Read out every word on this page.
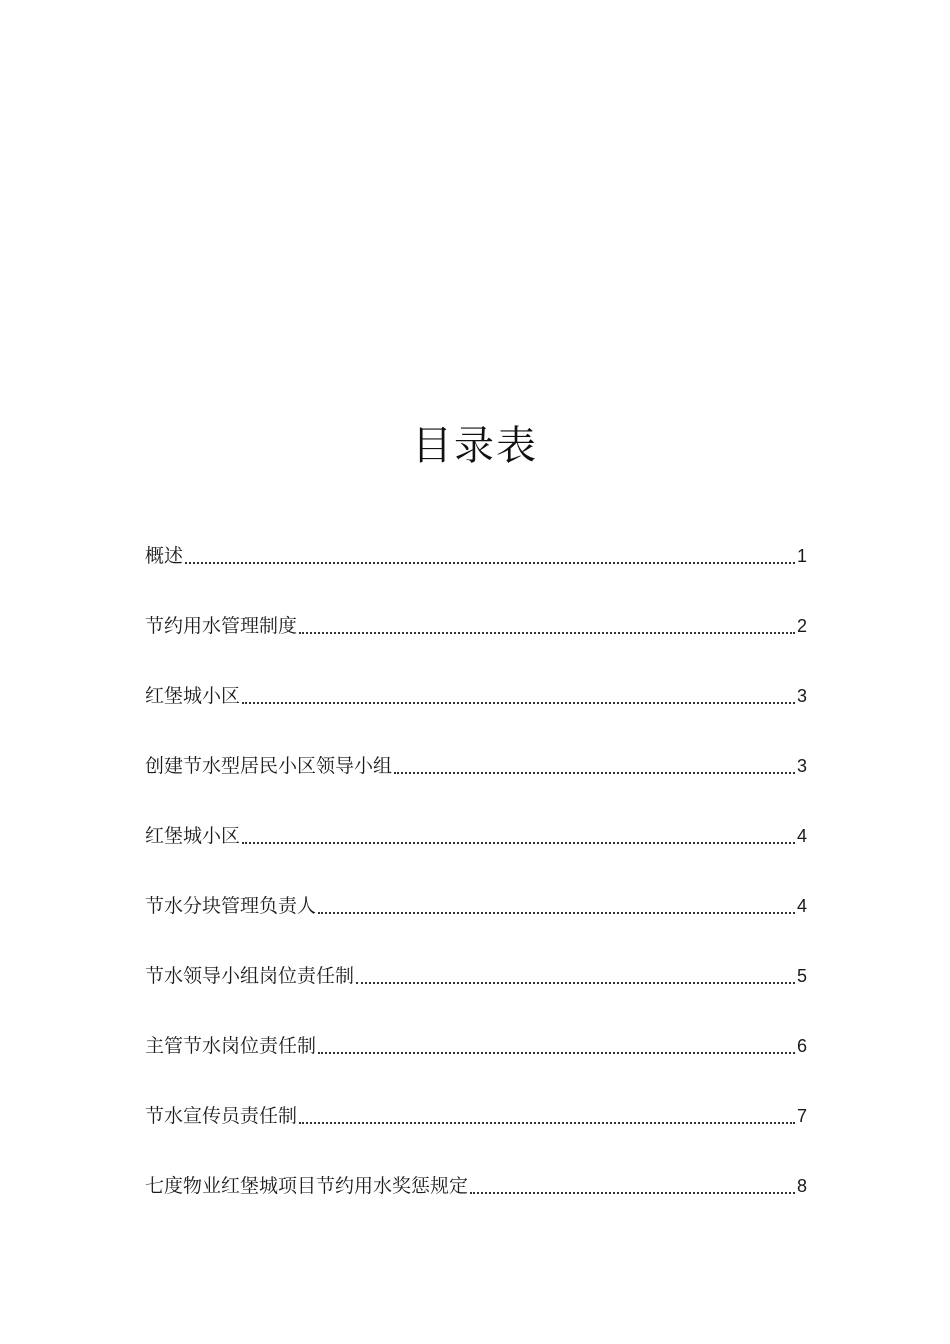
目录表
概述	1
节约用水管理制度	2
红堡城小区	3
创建节水型居民小区领导小组	3
红堡城小区	4
节水分块管理负责人	4
节水领导小组岗位责任制	5
主管节水岗位责任制	6
节水宣传员责任制	7
七度物业红堡城项目节约用水奖惩规定	8
